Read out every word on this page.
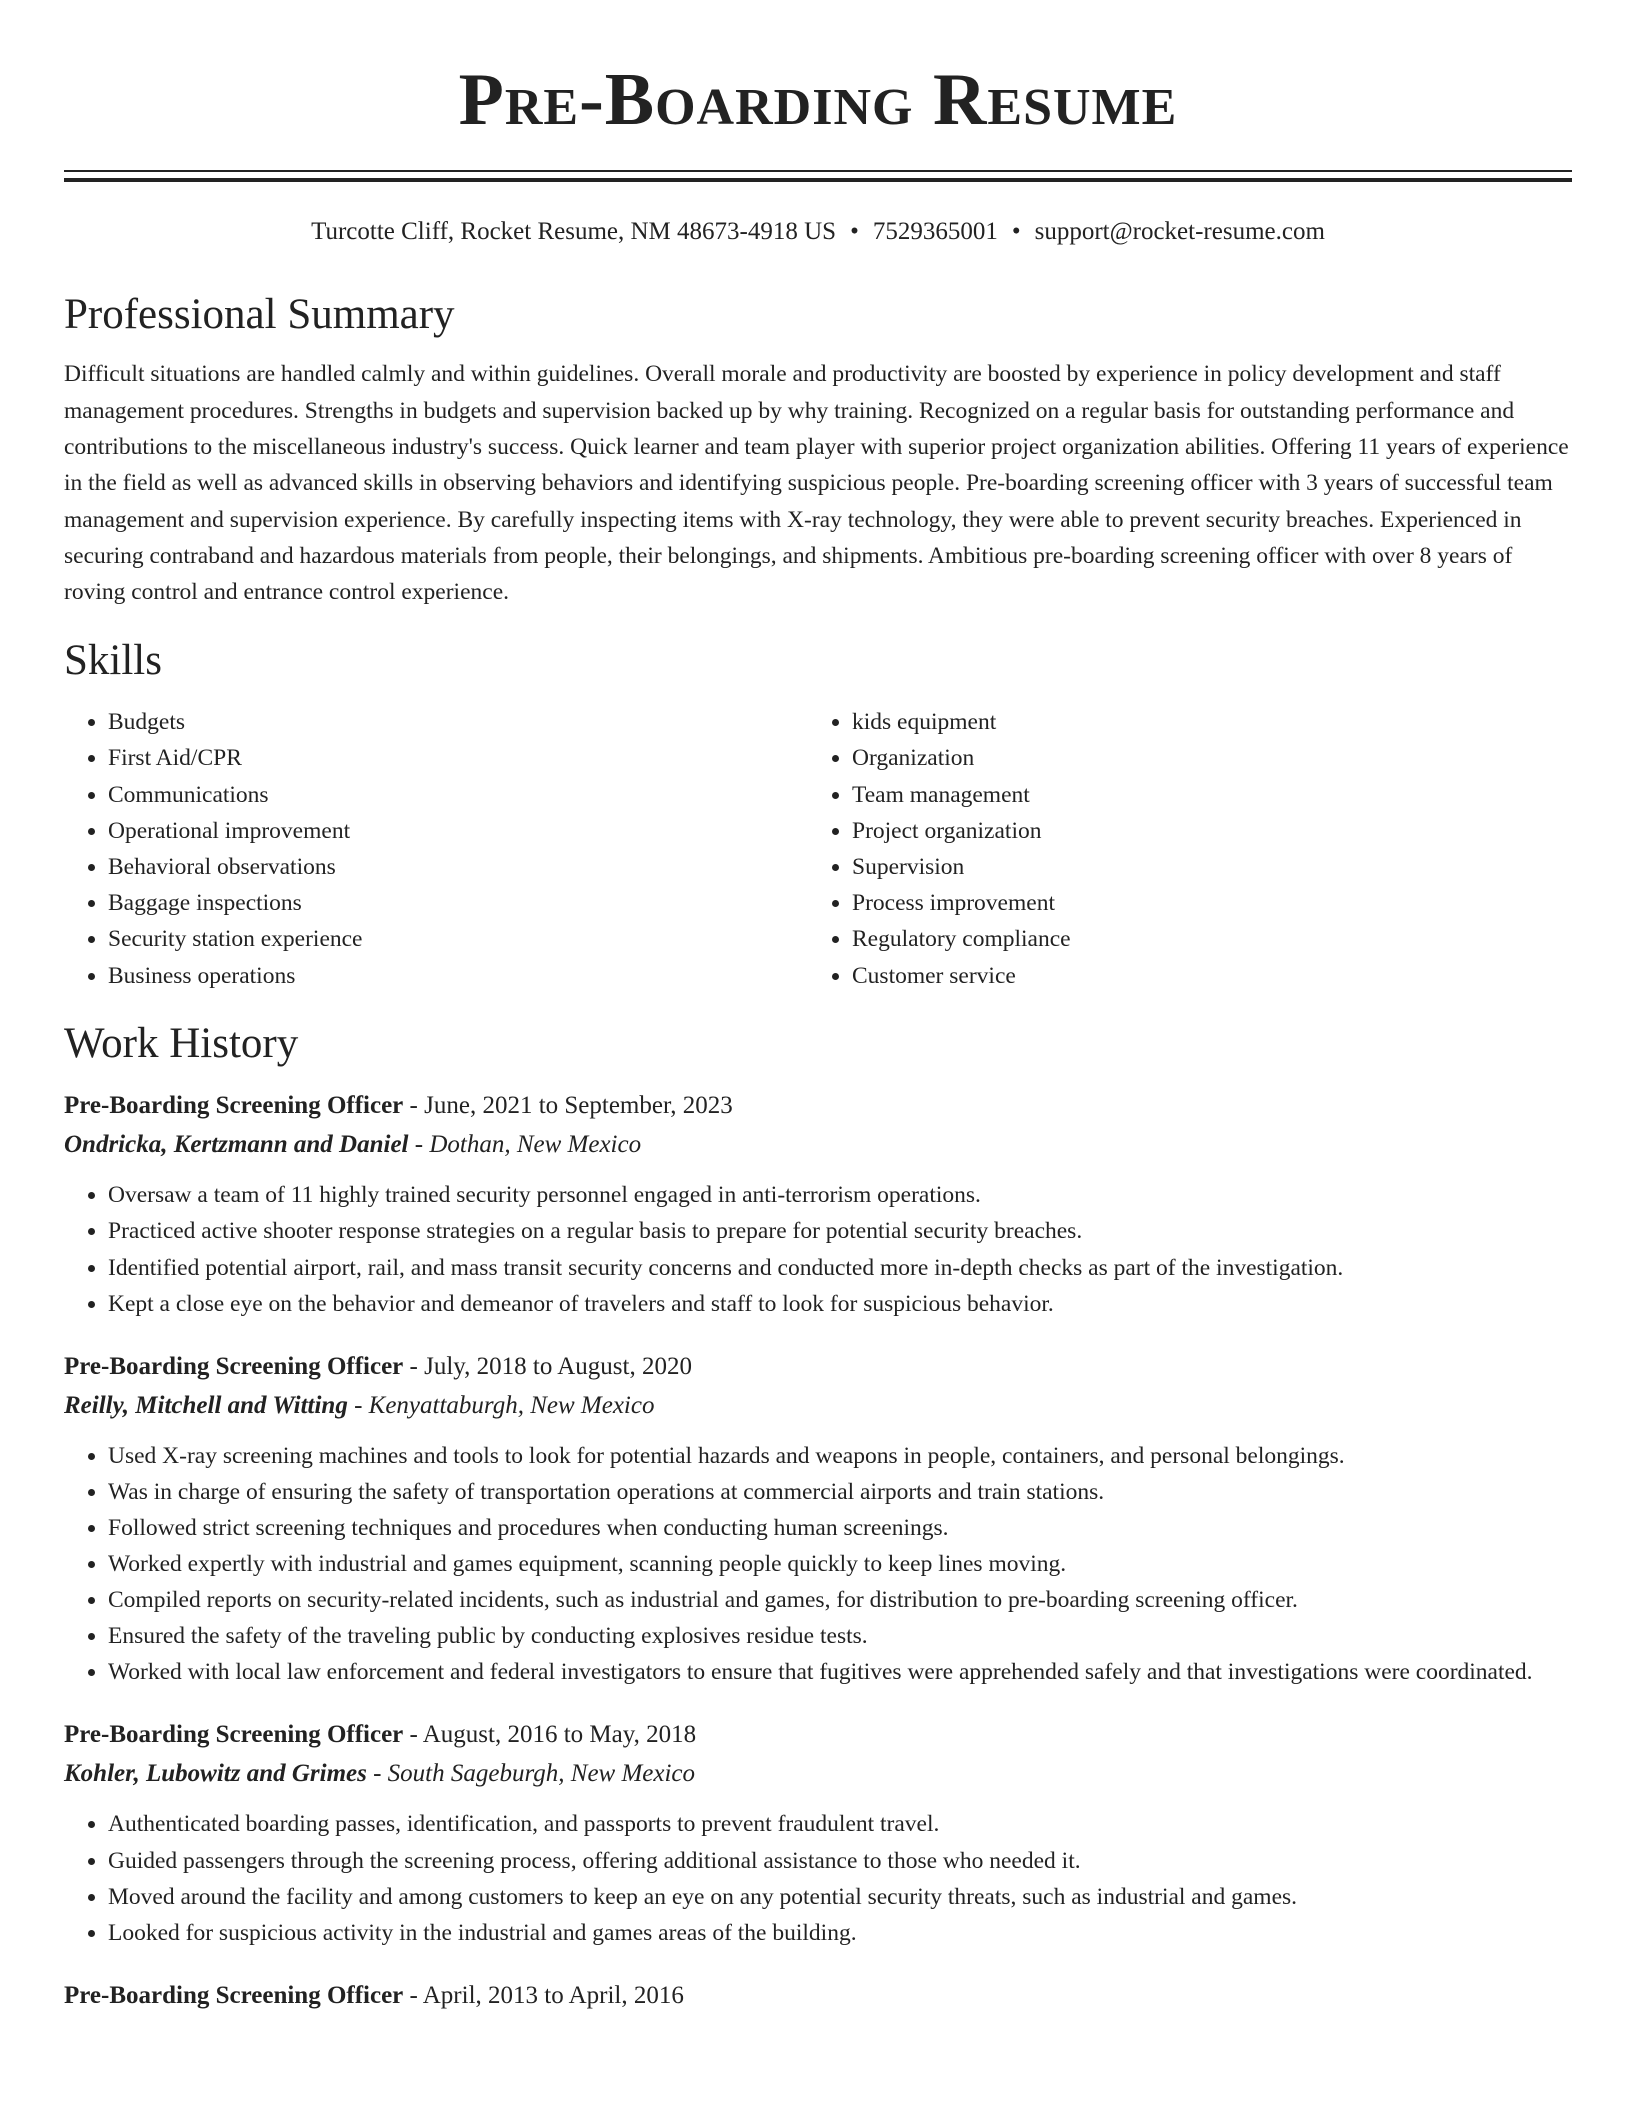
Pre-Boarding Resume
Turcotte Cliff, Rocket Resume, NM 48673-4918 US • 7529365001 • support@rocket-resume.com
Professional Summary
Difficult situations are handled calmly and within guidelines. Overall morale and productivity are boosted by experience in policy development and staff management procedures. Strengths in budgets and supervision backed up by why training. Recognized on a regular basis for outstanding performance and contributions to the miscellaneous industry's success. Quick learner and team player with superior project organization abilities. Offering 11 years of experience in the field as well as advanced skills in observing behaviors and identifying suspicious people. Pre-boarding screening officer with 3 years of successful team management and supervision experience. By carefully inspecting items with X-ray technology, they were able to prevent security breaches. Experienced in securing contraband and hazardous materials from people, their belongings, and shipments. Ambitious pre-boarding screening officer with over 8 years of roving control and entrance control experience.
Skills
• Budgets
• First Aid/CPR
• Communications
• Operational improvement
• Behavioral observations
• Baggage inspections
• Security station experience
• Business operations
• kids equipment
• Organization
• Team management
• Project organization
• Supervision
• Process improvement
• Regulatory compliance
• Customer service
Work History
Pre-Boarding Screening Officer - June, 2021 to September, 2023
Ondricka, Kertzmann and Daniel - Dothan, New Mexico
• Oversaw a team of 11 highly trained security personnel engaged in anti-terrorism operations.
• Practiced active shooter response strategies on a regular basis to prepare for potential security breaches.
• Identified potential airport, rail, and mass transit security concerns and conducted more in-depth checks as part of the investigation.
• Kept a close eye on the behavior and demeanor of travelers and staff to look for suspicious behavior.
Pre-Boarding Screening Officer - July, 2018 to August, 2020
Reilly, Mitchell and Witting - Kenyattaburgh, New Mexico
• Used X-ray screening machines and tools to look for potential hazards and weapons in people, containers, and personal belongings.
• Was in charge of ensuring the safety of transportation operations at commercial airports and train stations.
• Followed strict screening techniques and procedures when conducting human screenings.
• Worked expertly with industrial and games equipment, scanning people quickly to keep lines moving.
• Compiled reports on security-related incidents, such as industrial and games, for distribution to pre-boarding screening officer.
• Ensured the safety of the traveling public by conducting explosives residue tests.
• Worked with local law enforcement and federal investigators to ensure that fugitives were apprehended safely and that investigations were coordinated.
Pre-Boarding Screening Officer - August, 2016 to May, 2018
Kohler, Lubowitz and Grimes - South Sageburgh, New Mexico
• Authenticated boarding passes, identification, and passports to prevent fraudulent travel.
• Guided passengers through the screening process, offering additional assistance to those who needed it.
• Moved around the facility and among customers to keep an eye on any potential security threats, such as industrial and games.
• Looked for suspicious activity in the industrial and games areas of the building.
Pre-Boarding Screening Officer - April, 2013 to April, 2016
